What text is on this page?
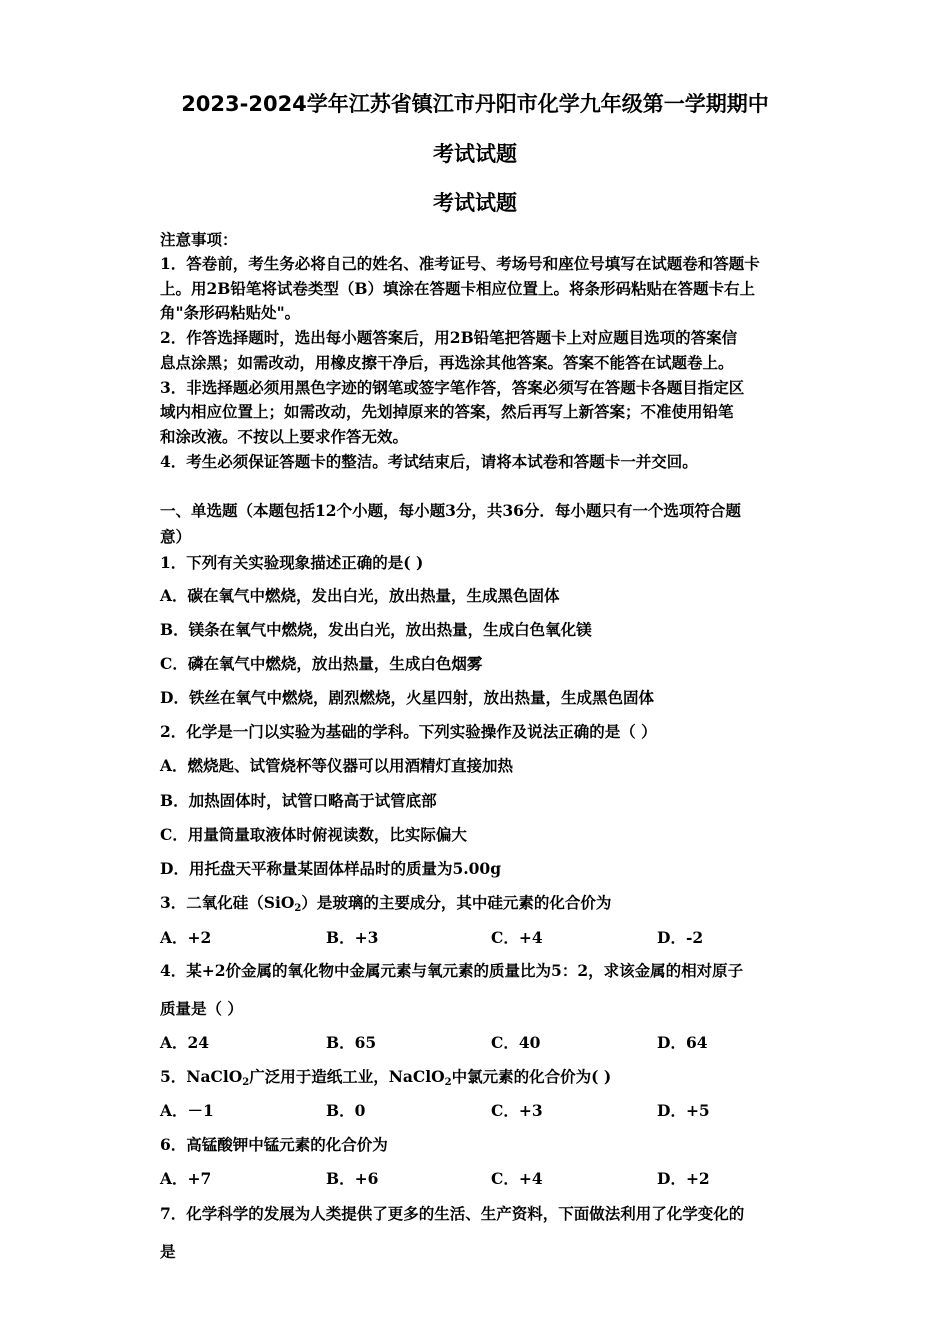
2023-2024学年江苏省镇江市丹阳市化学九年级第一学期期中
考试试题
考试试题
注意事项：
1．答卷前，考生务必将自己的姓名、准考证号、考场号和座位号填写在试题卷和答题卡
上。用2B铅笔将试卷类型（B）填涂在答题卡相应位置上。将条形码粘贴在答题卡右上
角"条形码粘贴处"。
2．作答选择题时，选出每小题答案后，用2B铅笔把答题卡上对应题目选项的答案信
息点涂黑；如需改动，用橡皮擦干净后，再选涂其他答案。答案不能答在试题卷上。
3．非选择题必须用黑色字迹的钢笔或签字笔作答，答案必须写在答题卡各题目指定区
域内相应位置上；如需改动，先划掉原来的答案，然后再写上新答案；不准使用铅笔
和涂改液。不按以上要求作答无效。
4．考生必须保证答题卡的整洁。考试结束后，请将本试卷和答题卡一并交回。
一、单选题（本题包括12个小题，每小题3分，共36分．每小题只有一个选项符合题
意）
1．下列有关实验现象描述正确的是( )
A．碳在氧气中燃烧，发出白光，放出热量，生成黑色固体
B．镁条在氧气中燃烧，发出白光，放出热量，生成白色氧化镁
C．磷在氧气中燃烧，放出热量，生成白色烟雾
D．铁丝在氧气中燃烧，剧烈燃烧，火星四射，放出热量，生成黑色固体
2．化学是一门以实验为基础的学科。下列实验操作及说法正确的是（ ）
A．燃烧匙、试管烧杯等仪器可以用酒精灯直接加热
B．加热固体时，试管口略高于试管底部
C．用量筒量取液体时俯视读数，比实际偏大
D．用托盘天平称量某固体样品时的质量为5.00g
3．二氧化硅（SiO$_2$）是玻璃的主要成分，其中硅元素的化合价为
A．+2	B．+3	C．+4	D．-2
4．某+2价金属的氧化物中金属元素与氧元素的质量比为5：2，求该金属的相对原子
质量是（ ）
A．24	B．65	C．40	D．64
5．NaClO$_2$广泛用于造纸工业，NaClO$_2$中氯元素的化合价为( )
A．－1	B．0	C．+3	D．+5
6．高锰酸钾中锰元素的化合价为
A．+7	B．+6	C．+4	D．+2
7．化学科学的发展为人类提供了更多的生活、生产资料，下面做法利用了化学变化的
是
